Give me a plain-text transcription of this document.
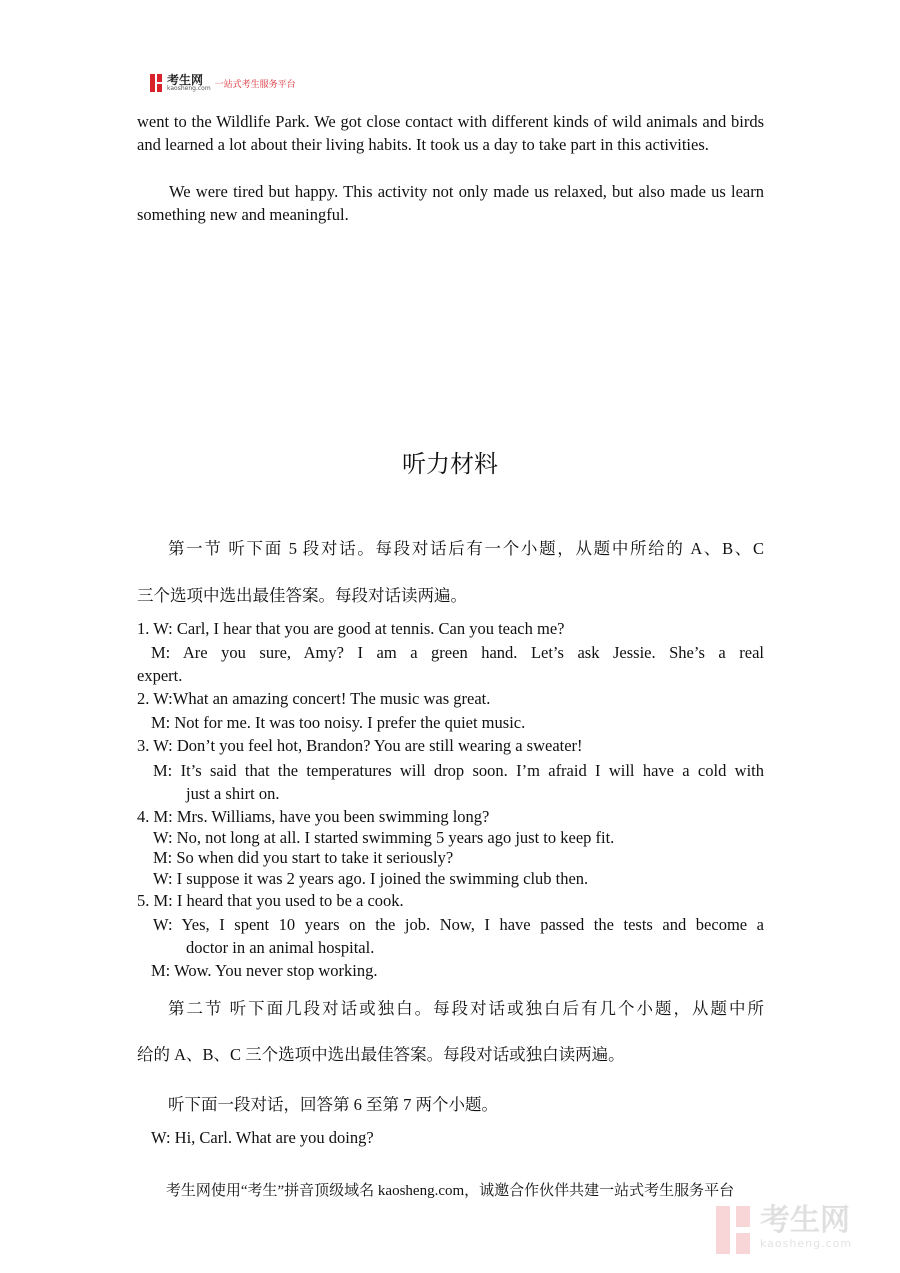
考生网
kaosheng.com 一站式考生服务平台
went to the Wildlife Park. We got close contact with different kinds of wild animals and birds and learned a lot about their living habits. It took us a day to take part in this activities.
We were tired but happy. This activity not only made us relaxed, but also made us learn something new and meaningful.
听力材料
第一节 听下面 5 段对话。每段对话后有一个小题，从题中所给的 A、B、C
三个选项中选出最佳答案。每段对话读两遍。
1. W: Carl, I hear that you are good at tennis. Can you teach me?
M: Are you sure, Amy? I am a green hand. Let’s ask Jessie. She’s a real
expert.
2. W:What an amazing concert! The music was great.
M: Not for me. It was too noisy. I prefer the quiet music.
3. W: Don’t you feel hot, Brandon? You are still wearing a sweater!
M: It’s said that the temperatures will drop soon. I’m afraid I will have a cold with
just a shirt on.
4. M: Mrs. Williams, have you been swimming long?
W: No, not long at all. I started swimming 5 years ago just to keep fit.
M: So when did you start to take it seriously?
W: I suppose it was 2 years ago. I joined the swimming club then.
5. M: I heard that you used to be a cook.
W: Yes, I spent 10 years on the job. Now, I have passed the tests and become a
doctor in an animal hospital.
M: Wow. You never stop working.
第二节 听下面几段对话或独白。每段对话或独白后有几个小题，从题中所
给的 A、B、C 三个选项中选出最佳答案。每段对话或独白读两遍。
听下面一段对话，回答第 6 至第 7 两个小题。
W: Hi, Carl. What are you doing?
考生网使用“考生”拼音顶级域名 kaosheng.com，诚邀合作伙伴共建一站式考生服务平台
考生网
kaosheng.com
